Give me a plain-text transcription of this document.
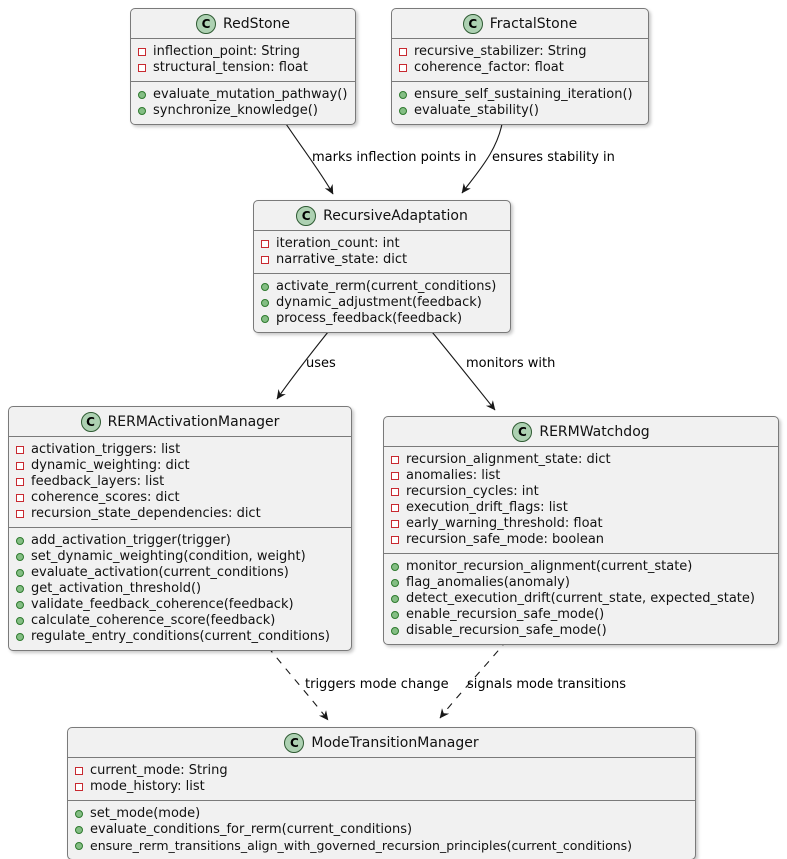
C RedStone
inflection_point: String
structural_tension: float
evaluate_mutation_pathway()
synchronize_knowledge()
C FractalStone
recursive_stabilizer: String
coherence_factor: float
ensure_self_sustaining_iteration()
evaluate_stability()
C RecursiveAdaptation
iteration_count: int
narrative_state: dict
activate_rerm(current_conditions)
dynamic_adjustment(feedback)
process_feedback(feedback)
C RERMActivationManager
activation_triggers: list
dynamic_weighting: dict
feedback_layers: list
coherence_scores: dict
recursion_state_dependencies: dict
add_activation_trigger(trigger)
set_dynamic_weighting(condition, weight)
evaluate_activation(current_conditions)
get_activation_threshold()
validate_feedback_coherence(feedback)
calculate_coherence_score(feedback)
regulate_entry_conditions(current_conditions)
C RERMWatchdog
recursion_alignment_state: dict
anomalies: list
recursion_cycles: int
execution_drift_flags: list
early_warning_threshold: float
recursion_safe_mode: boolean
monitor_recursion_alignment(current_state)
flag_anomalies(anomaly)
detect_execution_drift(current_state, expected_state)
enable_recursion_safe_mode()
disable_recursion_safe_mode()
C ModeTransitionManager
current_mode: String
mode_history: list
set_mode(mode)
evaluate_conditions_for_rerm(current_conditions)
ensure_rerm_transitions_align_with_governed_recursion_principles(current_conditions)
marks inflection points in ensures stability in
uses	monitors with
triggers mode change signals mode transitions
